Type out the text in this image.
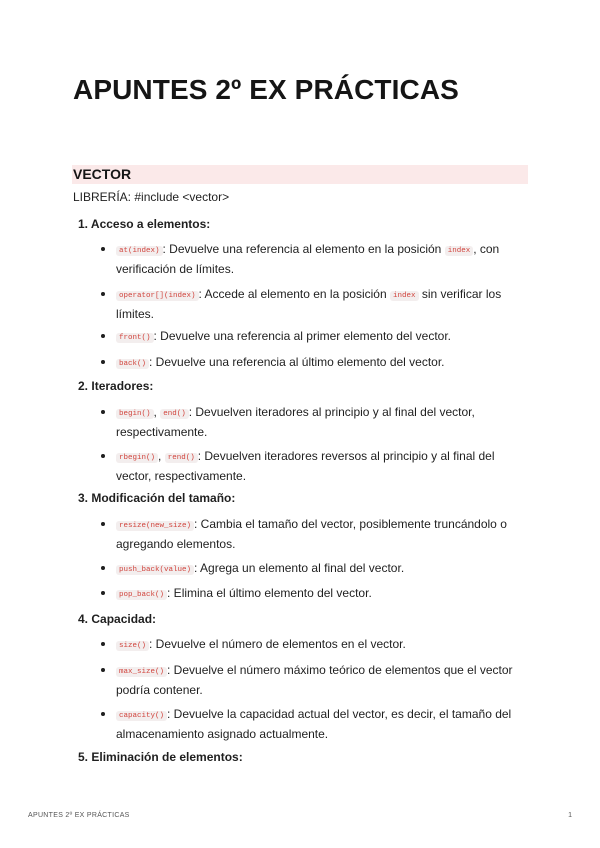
APUNTES 2º EX PRÁCTICAS
VECTOR

LIBRERÍA: #include <vector>

1. Acceso a elementos:
at(index) : Devuelve una referencia al elemento en la posición index , con verificación de límites.
operator[](index) : Accede al elemento en la posición index sin verificar los límites.
front() : Devuelve una referencia al primer elemento del vector.
back() : Devuelve una referencia al último elemento del vector.
2. Iteradores:
begin() , end() : Devuelven iteradores al principio y al final del vector, respectivamente.
rbegin() , rend() : Devuelven iteradores reversos al principio y al final del vector, respectivamente.
3. Modificación del tamaño:
resize(new_size) : Cambia el tamaño del vector, posiblemente truncándolo o agregando elementos.
push_back(value) : Agrega un elemento al final del vector.
pop_back() : Elimina el último elemento del vector.
4. Capacidad:
size() : Devuelve el número de elementos en el vector.
max_size() : Devuelve el número máximo teórico de elementos que el vector podría contener.
capacity() : Devuelve la capacidad actual del vector, es decir, el tamaño del almacenamiento asignado actualmente.
5. Eliminación de elementos:
APUNTES 2º EX PRÁCTICAS	1
